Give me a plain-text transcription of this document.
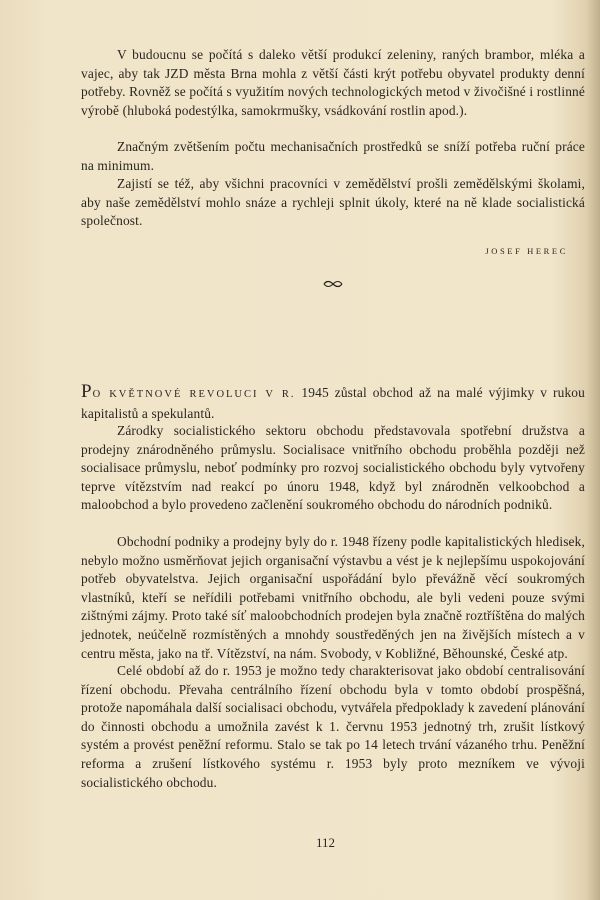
V budoucnu se počítá s daleko větší produkcí zeleniny, raných brambor, mléka a vajec, aby tak JZD města Brna mohla z větší části krýt potřebu obyvatel produkty denní potřeby. Rovněž se počítá s využitím nových technologických metod v živočišné i rostlinné výrobě (hluboká podestýlka, samokrmušky, vsádkování rostlin apod.).

Značným zvětšením počtu mechanisačních prostředků se sníží potřeba ruční práce na minimum.

Zajistí se též, aby všichni pracovníci v zemědělství prošli zemědělskými školami, aby naše zemědělství mohlo snáze a rychleji splnit úkoly, které na ně klade socialistická společnost.

JOSEF HEREC

PO KVĚTNOVÉ REVOLUCI V R. 1945 zůstal obchod až na malé výjimky v rukou kapitalistů a spekulantů.

Zárodky socialistického sektoru obchodu představovala spotřební družstva a prodejny znárodněného průmyslu. Socialisace vnitřního obchodu proběhla později než socialisace průmyslu, neboť podmínky pro rozvoj socialistického obchodu byly vytvořeny teprve vítězstvím nad reakcí po únoru 1948, když byl znárodněn velkoobchod a maloobchod a bylo provedeno začlenění soukromého obchodu do národních podniků.

Obchodní podniky a prodejny byly do r. 1948 řízeny podle kapitalistických hledisek, nebylo možno usměrňovat jejich organisační výstavbu a vést je k nejlepšímu uspokojování potřeb obyvatelstva. Jejich organisační uspořádání bylo převážně věcí soukromých vlastníků, kteří se neřídili potřebami vnitřního obchodu, ale byli vedeni pouze svými zištnými zájmy. Proto také síť maloobchodních prodejen byla značně roztříštěna do malých jednotek, neúčelně rozmístěných a mnohdy soustředěných jen na živějších místech a v centru města, jako na tř. Vítězství, na nám. Svobody, v Kobližné, Běhounské, České atp.

Celé období až do r. 1953 je možno tedy charakterisovat jako období centralisování řízení obchodu. Převaha centrálního řízení obchodu byla v tomto období prospěšná, protože napomáhala další socialisaci obchodu, vytvářela předpoklady k zavedení plánování do činnosti obchodu a umožnila zavést k 1. červnu 1953 jednotný trh, zrušit lístkový systém a provést peněžní reformu. Stalo se tak po 14 letech trvání vázaného trhu. Peněžní reforma a zrušení lístkového systému r. 1953 byly proto mezníkem ve vývoji socialistického obchodu.

112
